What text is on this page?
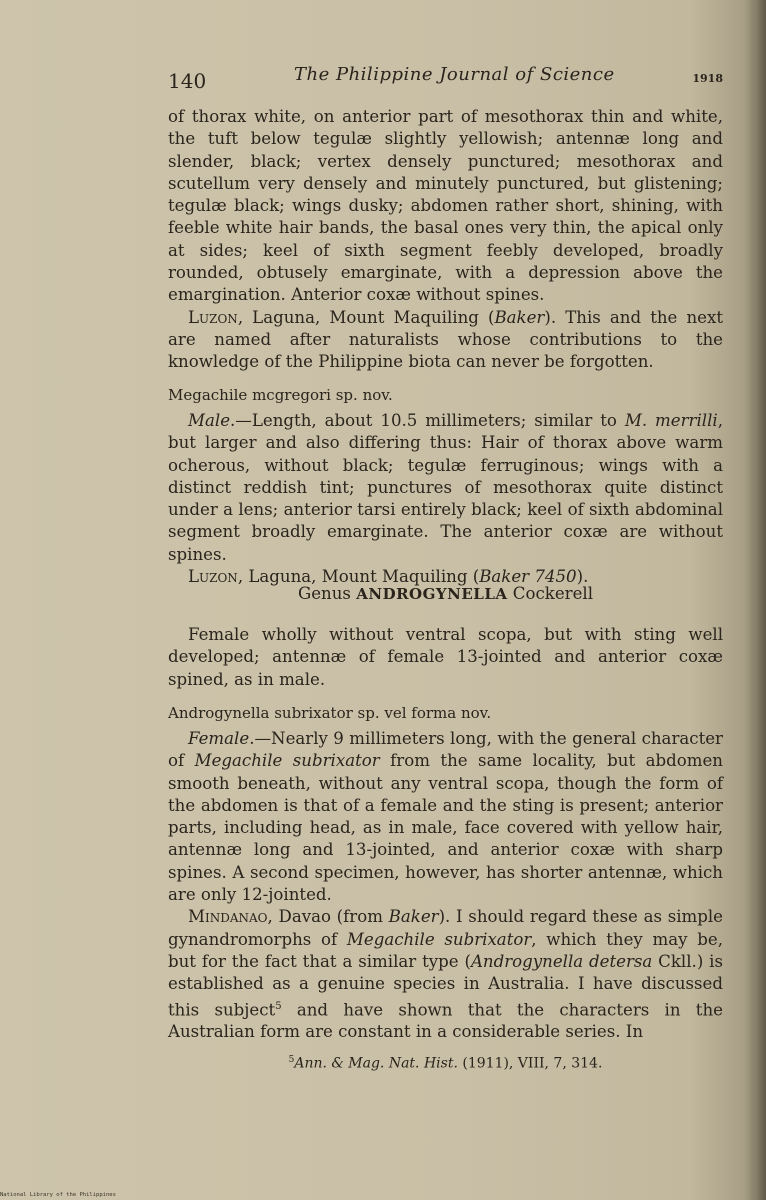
140	The Philippine Journal of Science	1918

of thorax white, on anterior part of mesothorax thin and white, the tuft below tegulæ slightly yellowish; antennæ long and slender, black; vertex densely punctured; mesothorax and scutellum very densely and minutely punctured, but glistening; tegulæ black; wings dusky; abdomen rather short, shining, with feeble white hair bands, the basal ones very thin, the apical only at sides; keel of sixth segment feebly developed, broadly rounded, obtusely emarginate, with a depression above the emargination. Anterior coxæ without spines.

Luzon, Laguna, Mount Maquiling (Baker). This and the next are named after naturalists whose contributions to the knowledge of the Philippine biota can never be forgotten.

Megachile mcgregori sp. nov.

Male.—Length, about 10.5 millimeters; similar to M. merrilli, but larger and also differing thus: Hair of thorax above warm ocherous, without black; tegulæ ferruginous; wings with a distinct reddish tint; punctures of mesothorax quite distinct under a lens; anterior tarsi entirely black; keel of sixth abdominal segment broadly emarginate. The anterior coxæ are without spines.

Luzon, Laguna, Mount Maquiling (Baker 7450).

Genus ANDROGYNELLA Cockerell

Female wholly without ventral scopa, but with sting well developed; antennæ of female 13-jointed and anterior coxæ spined, as in male.

Androgynella subrixator sp. vel forma nov.

Female.—Nearly 9 millimeters long, with the general character of Megachile subrixator from the same locality, but abdomen smooth beneath, without any ventral scopa, though the form of the abdomen is that of a female and the sting is present; anterior parts, including head, as in male, face covered with yellow hair, antennæ long and 13-jointed, and anterior coxæ with sharp spines. A second specimen, however, has shorter antennæ, which are only 12-jointed.

Mindanao, Davao (from Baker). I should regard these as simple gynandromorphs of Megachile subrixator, which they may be, but for the fact that a similar type (Androgynella detersa Ckll.) is established as a genuine species in Australia. I have discussed this subject$^5$ and have shown that the characters in the Australian form are constant in a considerable series. In

$^5$Ann. & Mag. Nat. Hist. (1911), VIII, 7, 314.
National Library of the Philippines
